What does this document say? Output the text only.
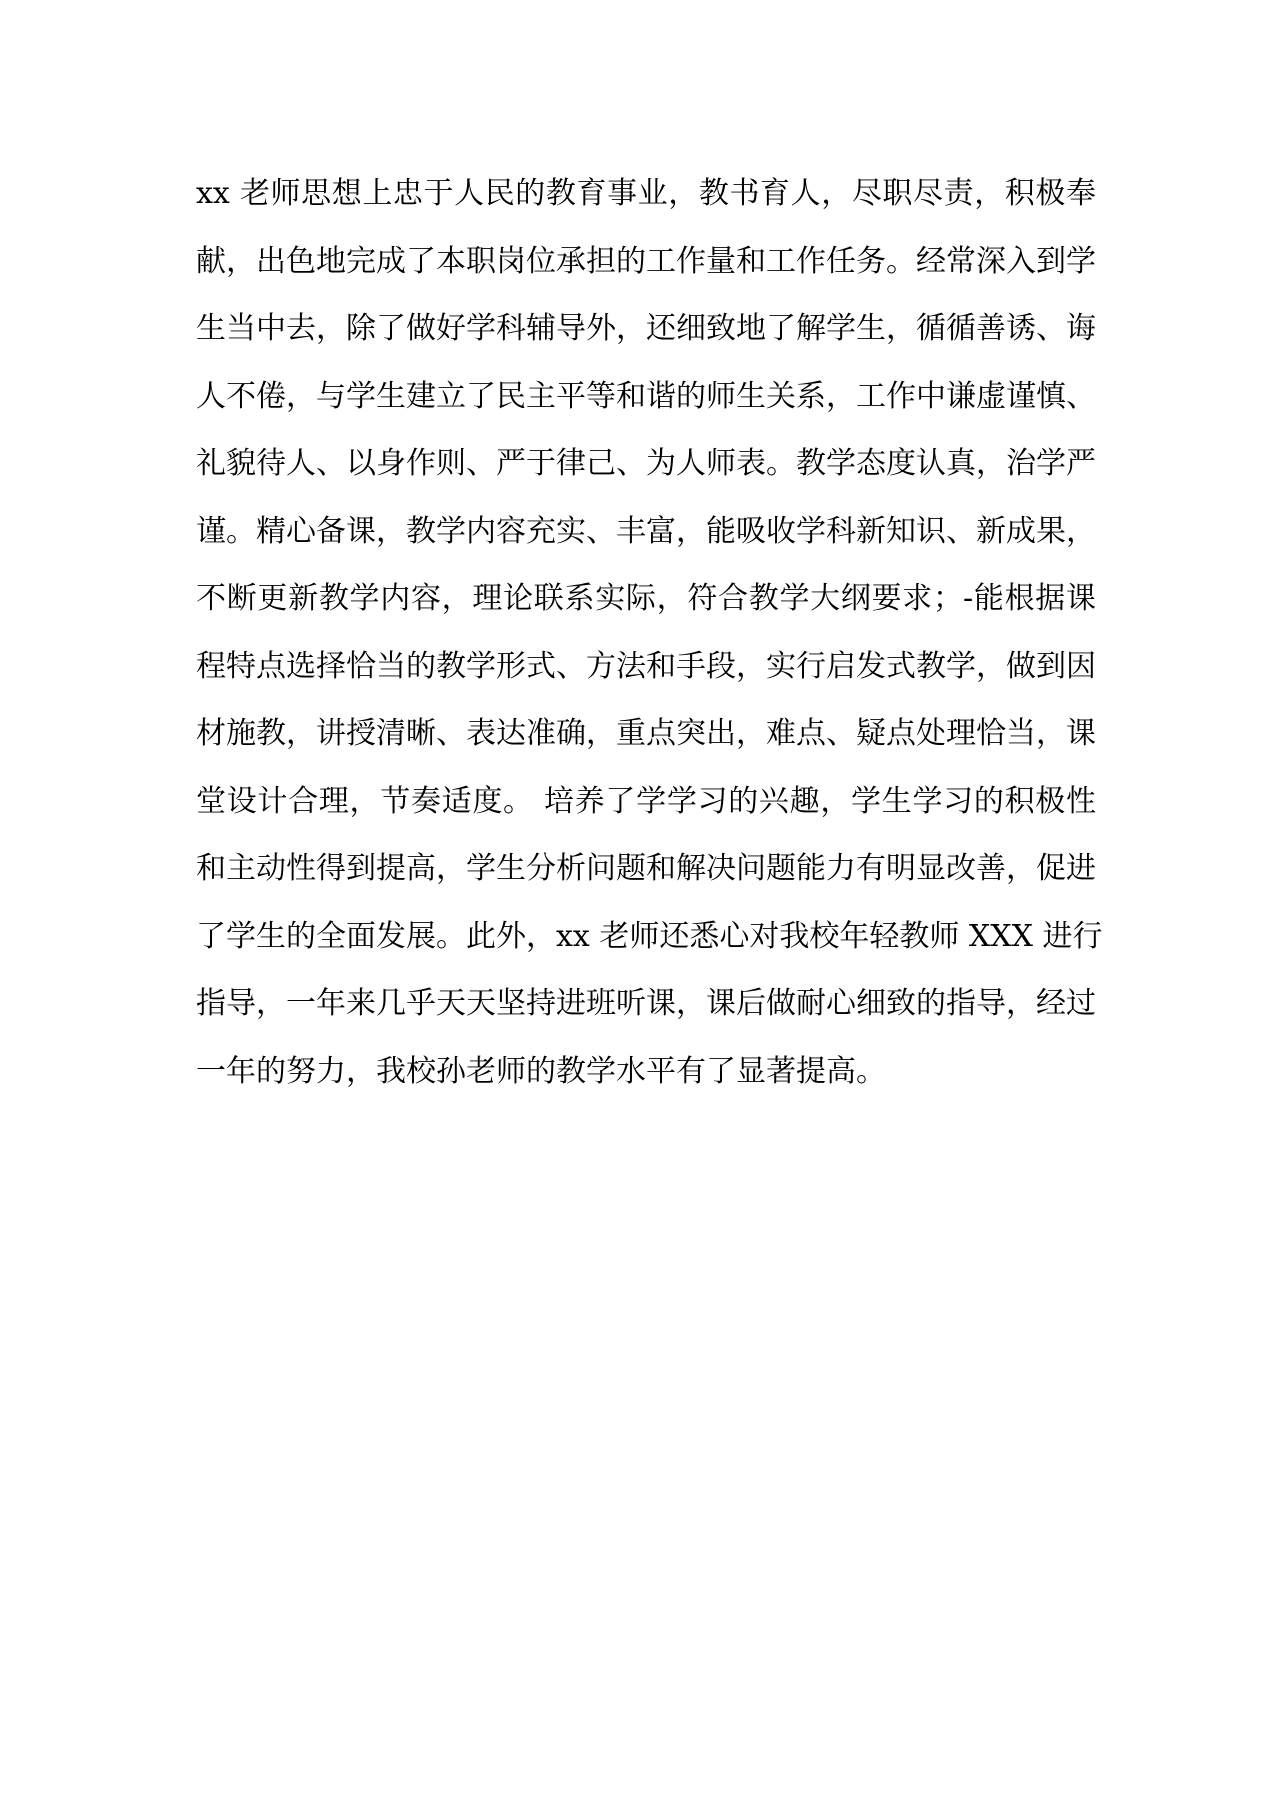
xx 老师思想上忠于人民的教育事业，教书育人，尽职尽责，积极奉
献，出色地完成了本职岗位承担的工作量和工作任务。经常深入到学
生当中去，除了做好学科辅导外，还细致地了解学生，循循善诱、诲
人不倦，与学生建立了民主平等和谐的师生关系，工作中谦虚谨慎、
礼貌待人、以身作则、严于律己、为人师表。教学态度认真，治学严
谨。精心备课，教学内容充实、丰富，能吸收学科新知识、新成果，
不断更新教学内容，理论联系实际，符合教学大纲要求；-能根据课
程特点选择恰当的教学形式、方法和手段，实行启发式教学，做到因
材施教，讲授清晰、表达准确，重点突出，难点、疑点处理恰当，课
堂设计合理，节奏适度。 培养了学学习的兴趣，学生学习的积极性
和主动性得到提高，学生分析问题和解决问题能力有明显改善，促进
了学生的全面发展。此外，xx 老师还悉心对我校年轻教师 XXX 进行
指导，一年来几乎天天坚持进班听课，课后做耐心细致的指导，经过
一年的努力，我校孙老师的教学水平有了显著提高。
